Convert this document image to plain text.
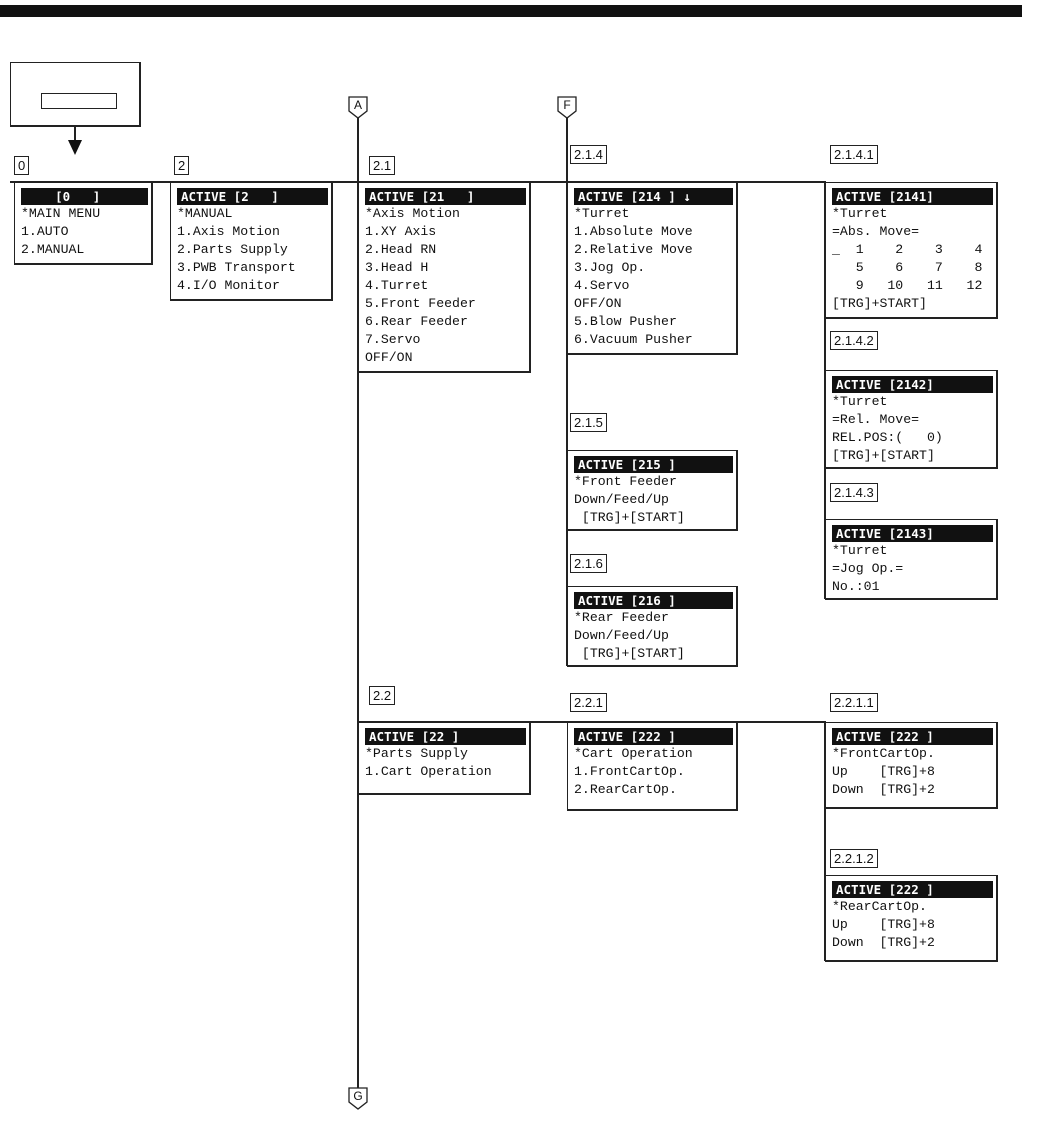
A	F
G
0	2	2.1
2.1.4	2.1.4.1
2.1.4.2
2.1.4.3
2.1.5
2.1.6
2.2	2.2.1	2.2.1.1
2.2.1.2
[0   ]
*MAIN MENU
1.AUTO
2.MANUAL
ACTIVE [2   ]
*MANUAL
1.Axis Motion
2.Parts Supply
3.PWB Transport
4.I/O Monitor
ACTIVE [21   ]
*Axis Motion
1.XY Axis
2.Head RN
3.Head H
4.Turret
5.Front Feeder
6.Rear Feeder
7.Servo
OFF/ON
ACTIVE [214 ] ↓
*Turret
1.Absolute Move
2.Relative Move
3.Jog Op.
4.Servo
OFF/ON
5.Blow Pusher
6.Vacuum Pusher
ACTIVE [2141]
*Turret
=Abs. Move=
_  1    2    3    4
5    6    7    8
9   10   11   12
[TRG]+START]
ACTIVE [2142]
*Turret
=Rel. Move=
REL.POS:(   0)
[TRG]+[START]
ACTIVE [2143]
*Turret
=Jog Op.=
No.:01
ACTIVE [215 ]
*Front Feeder
Down/Feed/Up
[TRG]+[START]
ACTIVE [216 ]
*Rear Feeder
Down/Feed/Up
[TRG]+[START]
ACTIVE [22 ]
*Parts Supply
1.Cart Operation
ACTIVE [222 ]
*Cart Operation
1.FrontCartOp.
2.RearCartOp.
ACTIVE [222 ]
*FrontCartOp.
Up    [TRG]+8
Down  [TRG]+2
ACTIVE [222 ]
*RearCartOp.
Up    [TRG]+8
Down  [TRG]+2
